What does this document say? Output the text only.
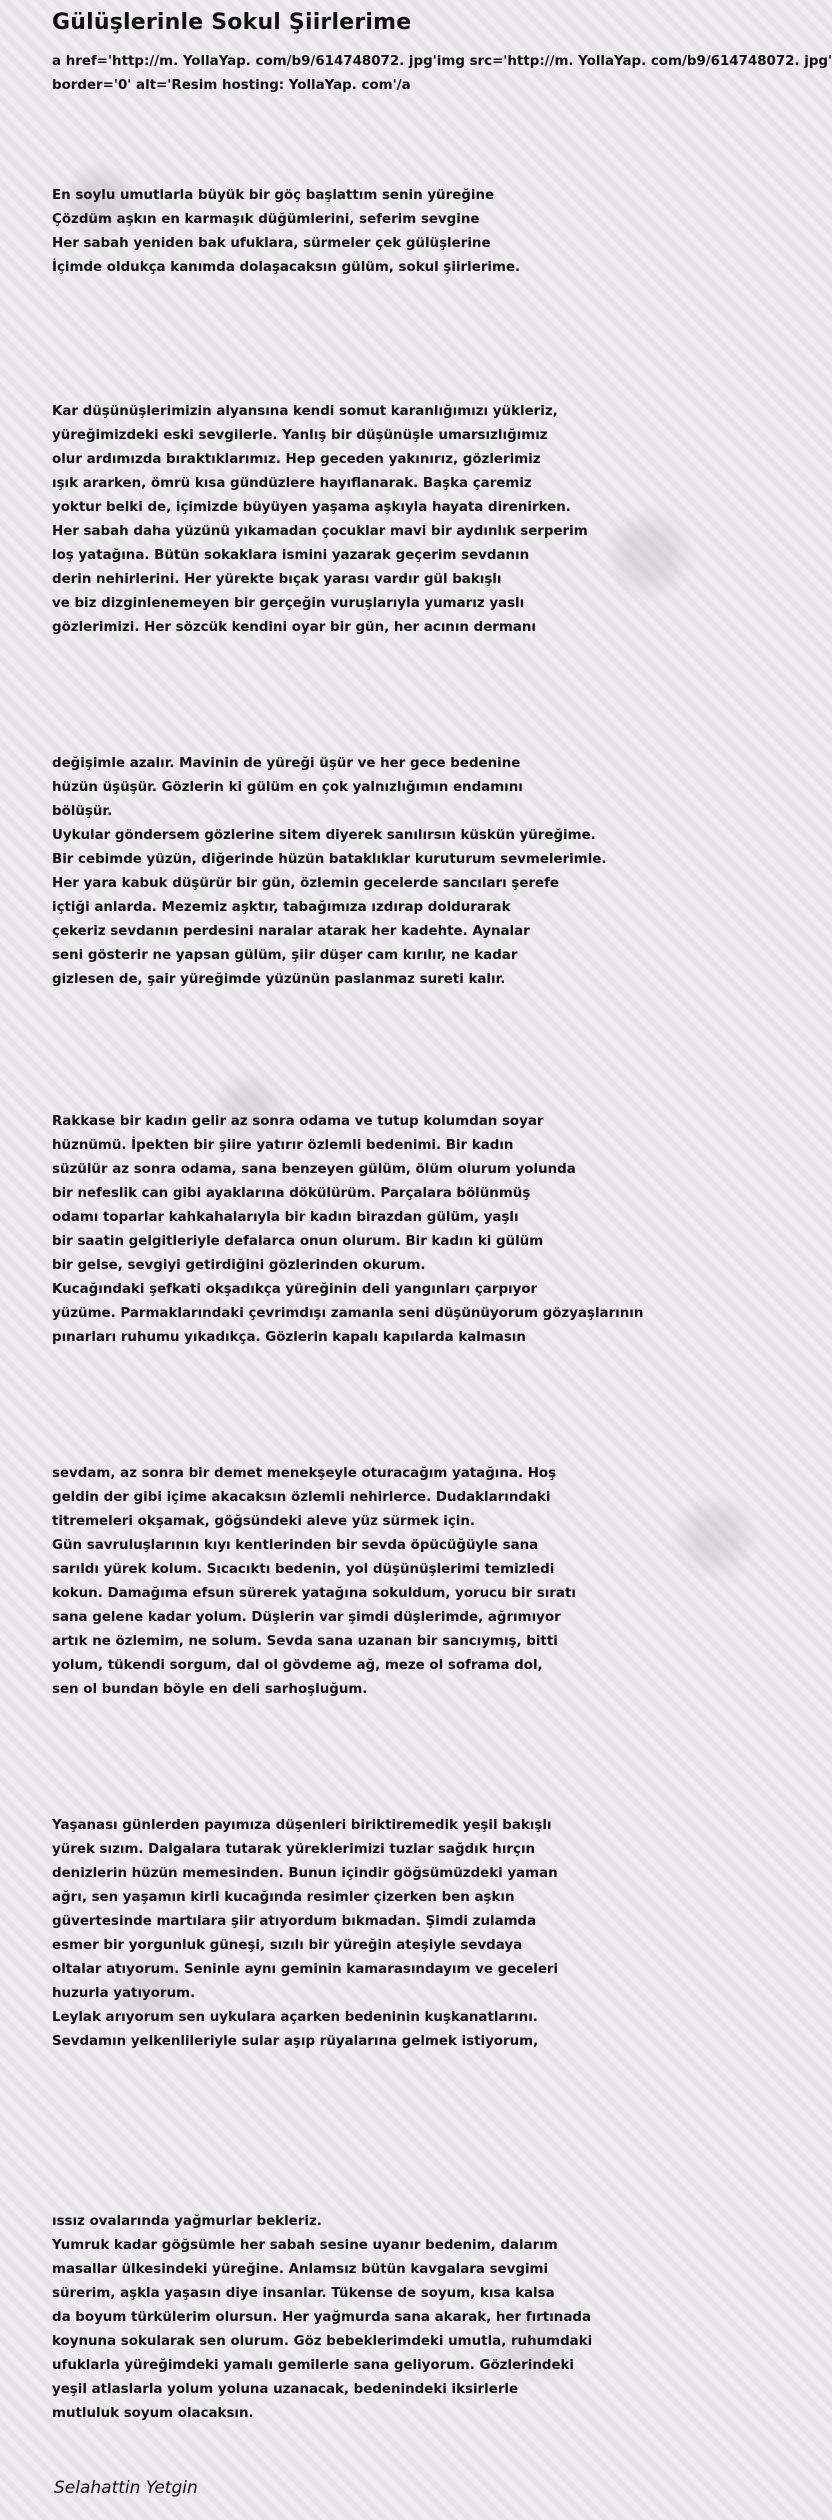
Gülüşlerinle Sokul Şiirlerime
a href='http://m. YollaYap. com/b9/614748072. jpg'img src='http://m. YollaYap. com/b9/614748072. jpg'
border='0' alt='Resim hosting: YollaYap. com'/a
En soylu umutlarla büyük bir göç başlattım senin yüreğine
Çözdüm aşkın en karmaşık düğümlerini, seferim sevgine
Her sabah yeniden bak ufuklara, sürmeler çek gülüşlerine
İçimde oldukça kanımda dolaşacaksın gülüm, sokul şiirlerime.
Kar düşünüşlerimizin alyansına kendi somut karanlığımızı yükleriz,
yüreğimizdeki eski sevgilerle. Yanlış bir düşünüşle umarsızlığımız
olur ardımızda bıraktıklarımız. Hep geceden yakınırız, gözlerimiz
ışık ararken, ömrü kısa gündüzlere hayıflanarak. Başka çaremiz
yoktur belki de, içimizde büyüyen yaşama aşkıyla hayata direnirken.
Her sabah daha yüzünü yıkamadan çocuklar mavi bir aydınlık serperim
loş yatağına. Bütün sokaklara ismini yazarak geçerim sevdanın
derin nehirlerini. Her yürekte bıçak yarası vardır gül bakışlı
ve biz dizginlenemeyen bir gerçeğin vuruşlarıyla yumarız yaslı
gözlerimizi. Her sözcük kendini oyar bir gün, her acının dermanı
değişimle azalır. Mavinin de yüreği üşür ve her gece bedenine
hüzün üşüşür. Gözlerin ki gülüm en çok yalnızlığımın endamını
bölüşür.
Uykular göndersem gözlerine sitem diyerek sanılırsın küskün yüreğime.
Bir cebimde yüzün, diğerinde hüzün bataklıklar kuruturum sevmelerimle.
Her yara kabuk düşürür bir gün, özlemin gecelerde sancıları şerefe
içtiği anlarda. Mezemiz aşktır, tabağımıza ızdırap doldurarak
çekeriz sevdanın perdesini naralar atarak her kadehte. Aynalar
seni gösterir ne yapsan gülüm, şiir düşer cam kırılır, ne kadar
gizlesen de, şair yüreğimde yüzünün paslanmaz sureti kalır.
Rakkase bir kadın gelir az sonra odama ve tutup kolumdan soyar
hüznümü. İpekten bir şiire yatırır özlemli bedenimi. Bir kadın
süzülür az sonra odama, sana benzeyen gülüm, ölüm olurum yolunda
bir nefeslik can gibi ayaklarına dökülürüm. Parçalara bölünmüş
odamı toparlar kahkahalarıyla bir kadın birazdan gülüm, yaşlı
bir saatin gelgitleriyle defalarca onun olurum. Bir kadın ki gülüm
bir gelse, sevgiyi getirdiğini gözlerinden okurum.
Kucağındaki şefkati okşadıkça yüreğinin deli yangınları çarpıyor
yüzüme. Parmaklarındaki çevrimdışı zamanla seni düşünüyorum gözyaşlarının
pınarları ruhumu yıkadıkça. Gözlerin kapalı kapılarda kalmasın
sevdam, az sonra bir demet menekşeyle oturacağım yatağına. Hoş
geldin der gibi içime akacaksın özlemli nehirlerce. Dudaklarındaki
titremeleri okşamak, göğsündeki aleve yüz sürmek için.
Gün savruluşlarının kıyı kentlerinden bir sevda öpücüğüyle sana
sarıldı yürek kolum. Sıcacıktı bedenin, yol düşünüşlerimi temizledi
kokun. Damağıma efsun sürerek yatağına sokuldum, yorucu bir sıratı
sana gelene kadar yolum. Düşlerin var şimdi düşlerimde, ağrımıyor
artık ne özlemim, ne solum. Sevda sana uzanan bir sancıymış, bitti
yolum, tükendi sorgum, dal ol gövdeme ağ, meze ol soframa dol,
sen ol bundan böyle en deli sarhoşluğum.
Yaşanası günlerden payımıza düşenleri biriktiremedik yeşil bakışlı
yürek sızım. Dalgalara tutarak yüreklerimizi tuzlar sağdık hırçın
denizlerin hüzün memesinden. Bunun içindir göğsümüzdeki yaman
ağrı, sen yaşamın kirli kucağında resimler çizerken ben aşkın
güvertesinde martılara şiir atıyordum bıkmadan. Şimdi zulamda
esmer bir yorgunluk güneşi, sızılı bir yüreğin ateşiyle sevdaya
oltalar atıyorum. Seninle aynı geminin kamarasındayım ve geceleri
huzurla yatıyorum.
Leylak arıyorum sen uykulara açarken bedeninin kuşkanatlarını.
Sevdamın yelkenlileriyle sular aşıp rüyalarına gelmek istiyorum,
ıssız ovalarında yağmurlar bekleriz.
Yumruk kadar göğsümle her sabah sesine uyanır bedenim, dalarım
masallar ülkesindeki yüreğine. Anlamsız bütün kavgalara sevgimi
sürerim, aşkla yaşasın diye insanlar. Tükense de soyum, kısa kalsa
da boyum türkülerim olursun. Her yağmurda sana akarak, her fırtınada
koynuna sokularak sen olurum. Göz bebeklerimdeki umutla, ruhumdaki
ufuklarla yüreğimdeki yamalı gemilerle sana geliyorum. Gözlerindeki
yeşil atlaslarla yolum yoluna uzanacak, bedenindeki iksirlerle
mutluluk soyum olacaksın.

Selahattin Yetgin
